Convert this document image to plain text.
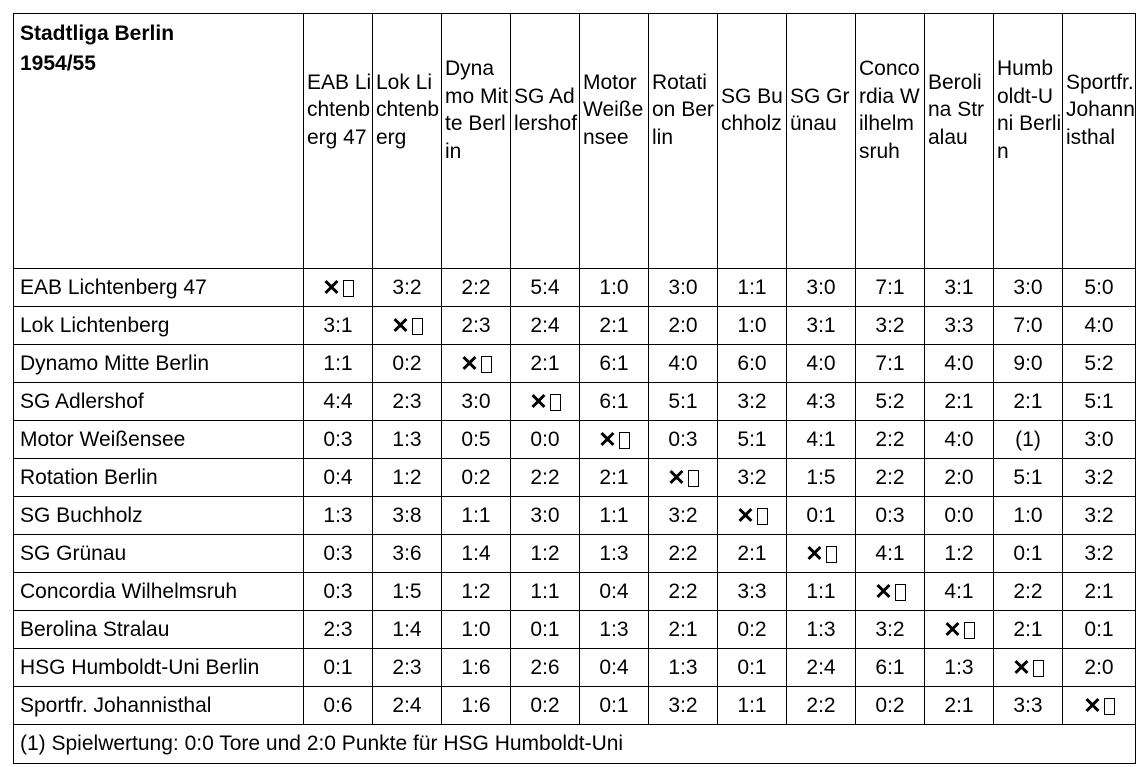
Stadtliga Berlin
1954/55	EAB Lichtenberg 47	Lok Lichtenberg	Dynamo Mitte Berlin	SG Adlershof	Motor Weißensee	Rotation Berlin	SG Buchholz	SG Grünau	Concordia Wilhelmsruh	Berolina Stralau	Humboldt-Uni Berlin	Sportfr. Johannisthal

EAB Lichtenberg 47	✕	3:2	2:2	5:4	1:0	3:0	1:1	3:0	7:1	3:1	3:0	5:0
Lok Lichtenberg	3:1	✕	2:3	2:4	2:1	2:0	1:0	3:1	3:2	3:3	7:0	4:0
Dynamo Mitte Berlin	1:1	0:2	✕	2:1	6:1	4:0	6:0	4:0	7:1	4:0	9:0	5:2
SG Adlershof	4:4	2:3	3:0	✕	6:1	5:1	3:2	4:3	5:2	2:1	2:1	5:1
Motor Weißensee	0:3	1:3	0:5	0:0	✕	0:3	5:1	4:1	2:2	4:0	(1)	3:0
Rotation Berlin	0:4	1:2	0:2	2:2	2:1	✕	3:2	1:5	2:2	2:0	5:1	3:2
SG Buchholz	1:3	3:8	1:1	3:0	1:1	3:2	✕	0:1	0:3	0:0	1:0	3:2
SG Grünau	0:3	3:6	1:4	1:2	1:3	2:2	2:1	✕	4:1	1:2	0:1	3:2
Concordia Wilhelmsruh	0:3	1:5	1:2	1:1	0:4	2:2	3:3	1:1	✕	4:1	2:2	2:1
Berolina Stralau	2:3	1:4	1:0	0:1	1:3	2:1	0:2	1:3	3:2	✕	2:1	0:1
HSG Humboldt-Uni Berlin	0:1	2:3	1:6	2:6	0:4	1:3	0:1	2:4	6:1	1:3	✕	2:0
Sportfr. Johannisthal	0:6	2:4	1:6	0:2	0:1	3:2	1:1	2:2	0:2	2:1	3:3	✕
(1) Spielwertung: 0:0 Tore und 2:0 Punkte für HSG Humboldt-Uni												
